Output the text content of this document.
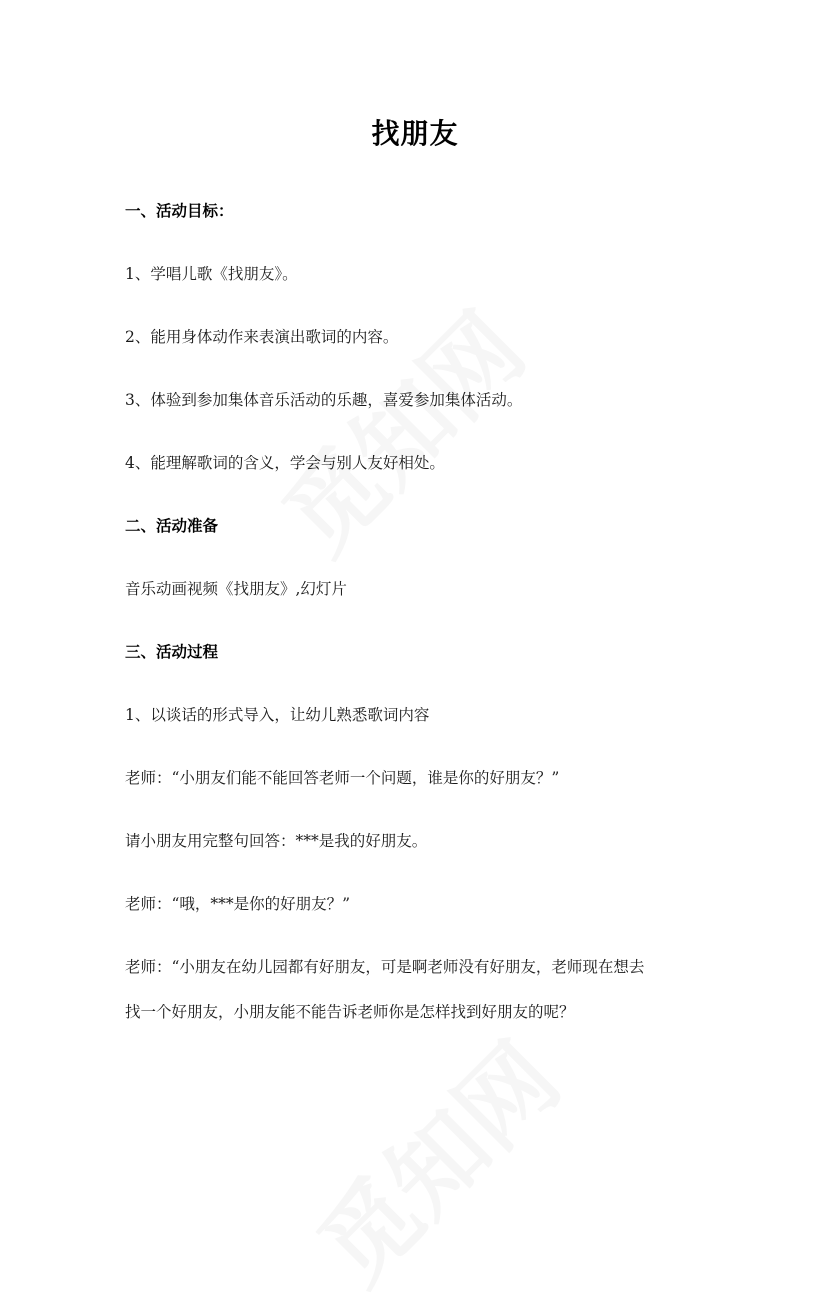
找朋友
一、活动目标：
1、学唱儿歌《找朋友》。
2、能用身体动作来表演出歌词的内容。
3、体验到参加集体音乐活动的乐趣，喜爱参加集体活动。
4、能理解歌词的含义，学会与别人友好相处。
二、活动准备
音乐动画视频《找朋友》,幻灯片
三、活动过程
1、以谈话的形式导入，让幼儿熟悉歌词内容
老师：“小朋友们能不能回答老师一个问题，谁是你的好朋友？”
请小朋友用完整句回答：***是我的好朋友。
老师：“哦，***是你的好朋友？”
老师：“小朋友在幼儿园都有好朋友，可是啊老师没有好朋友，老师现在想去
找一个好朋友，小朋友能不能告诉老师你是怎样找到好朋友的呢？
